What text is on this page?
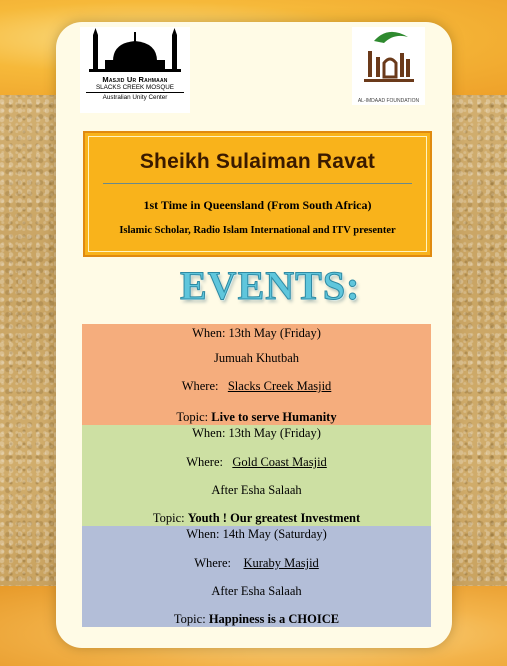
Masjid Ur Rahmaan
SLACKS CREEK MOSQUE
Australian Unity Center	AL-IMDAAD FOUNDATION
Sheikh Sulaiman Ravat
1st Time in Queensland (From South Africa)
Islamic Scholar, Radio Islam International and ITV presenter
EVENTS:

When: 13th May (Friday)

Jumuah Khutbah

Where: Slacks Creek Masjid

Topic: Live to serve Humanity

When: 13th May (Friday)

Where: Gold Coast Masjid

After Esha Salaah

Topic: Youth ! Our greatest Investment

When: 14th May (Saturday)

Where: Kuraby Masjid

After Esha Salaah

Topic: Happiness is a CHOICE
